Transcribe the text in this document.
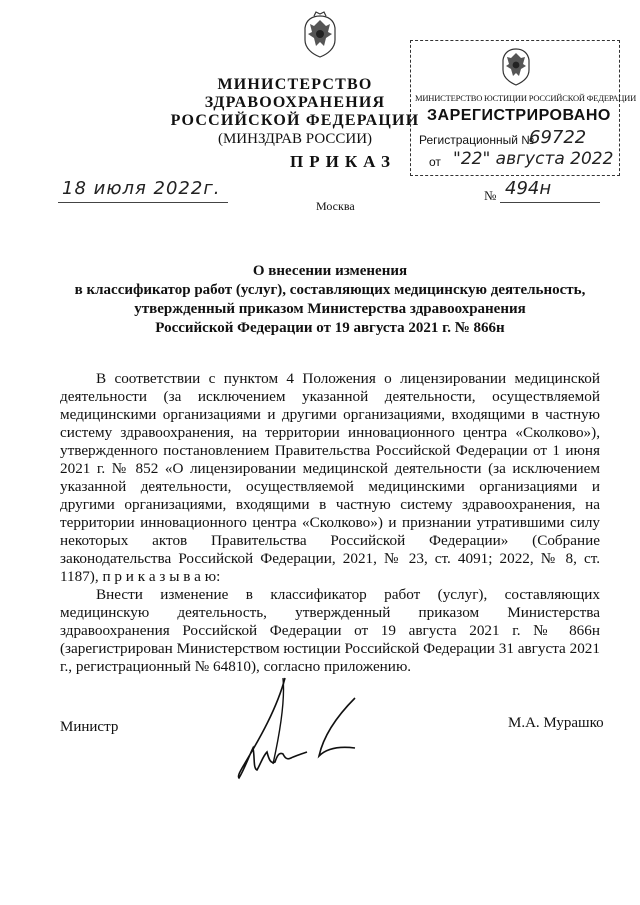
МИНИСТЕРСТВО ЗДРАВООХРАНЕНИЯ
РОССИЙСКОЙ ФЕДЕРАЦИИ
(МИНЗДРАВ РОССИИ)
МИНИСТЕРСТВО ЮСТИЦИИ РОССИЙСКОЙ ФЕДЕРАЦИИ
ЗАРЕГИСТРИРОВАНО
Регистрационный №
69722
от "22" августа 2022
ПРИКАЗ
18 июля 2022г.
Москва
№ 494н
О внесении изменения
в классификатор работ (услуг), составляющих медицинскую деятельность,
утвержденный приказом Министерства здравоохранения
Российской Федерации от 19 августа 2021 г. № 866н

В соответствии с пунктом 4 Положения о лицензировании медицинской деятельности (за исключением указанной деятельности, осуществляемой медицинскими организациями и другими организациями, входящими в частную систему здравоохранения, на территории инновационного центра «Сколково»), утвержденного постановлением Правительства Российской Федерации от 1 июня 2021 г. № 852 «О лицензировании медицинской деятельности (за исключением указанной деятельности, осуществляемой медицинскими организациями и другими организациями, входящими в частную систему здравоохранения, на территории инновационного центра «Сколково») и признании утратившими силу некоторых актов Правительства Российской Федерации» (Собрание законодательства Российской Федерации, 2021, № 23, ст. 4091; 2022, № 8, ст. 1187), п р и к а з ы в а ю:

Внести изменение в классификатор работ (услуг), составляющих медицинскую деятельность, утвержденный приказом Министерства здравоохранения Российской Федерации от 19 августа 2021 г. № 866н (зарегистрирован Министерством юстиции Российской Федерации 31 августа 2021 г., регистрационный № 64810), согласно приложению.

Министр	М.А. Мурашко
